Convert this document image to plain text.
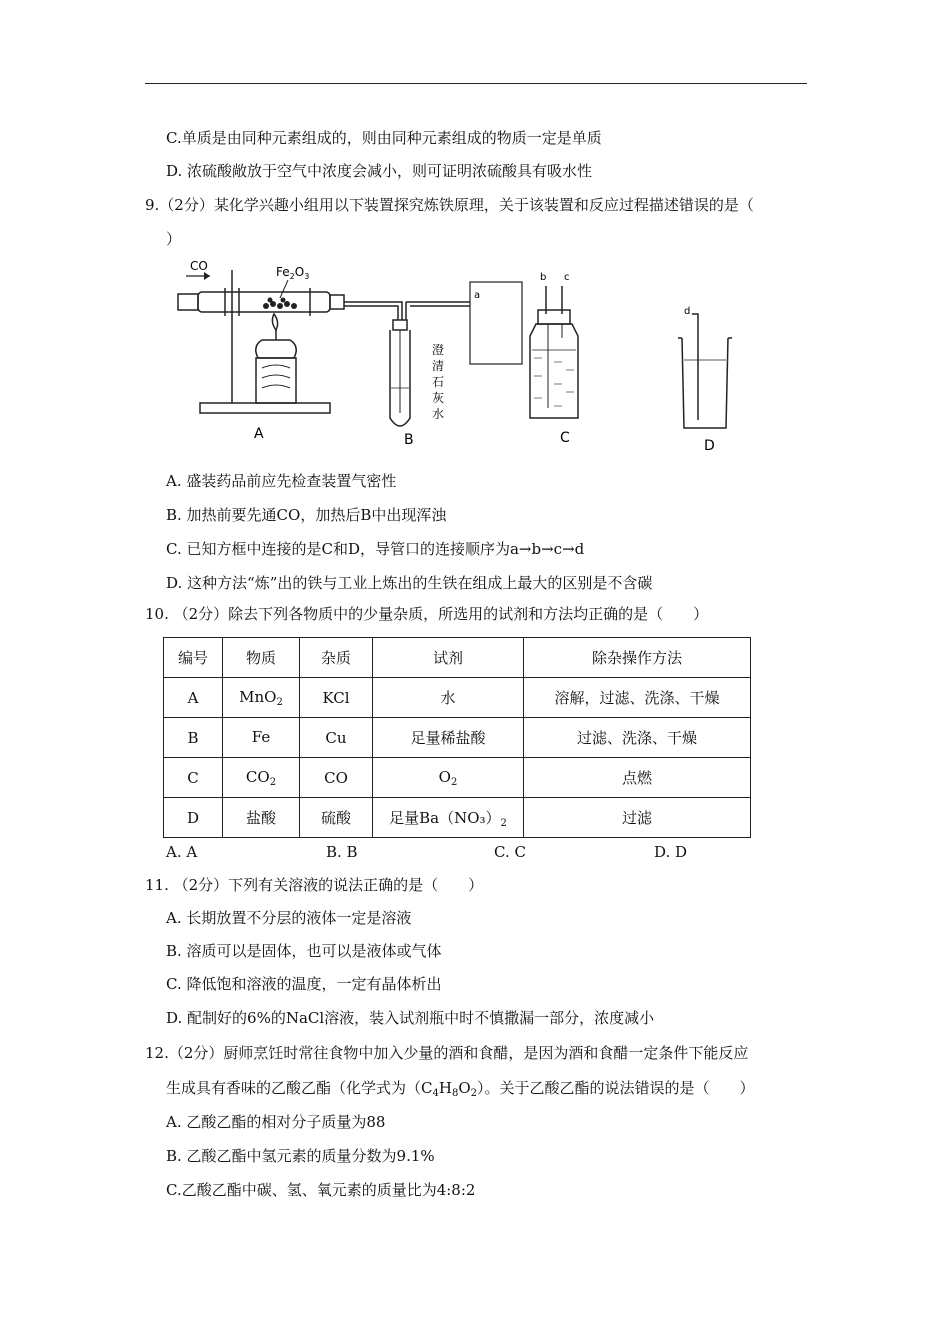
C.单质是由同种元素组成的，则由同种元素组成的物质一定是单质
D. 浓硫酸敞放于空气中浓度会减小，则可证明浓硫酸具有吸水性
9.（2分）某化学兴趣小组用以下装置探究炼铁原理，关于该装置和反应过程描述错误的是（
）
CO	$Fe_2O_3$
澄
清
石
灰
水
a
b c
d
A	B	C	D
A. 盛装药品前应先检查装置气密性
B. 加热前要先通CO，加热后B中出现浑浊
C. 已知方框中连接的是C和D，导管口的连接顺序为a→b→c→d
D. 这种方法“炼”出的铁与工业上炼出的生铁在组成上最大的区别是不含碳
10. （2分）除去下列各物质中的少量杂质，所选用的试剂和方法均正确的是（　　）
编号	物质	杂质	试剂	除杂操作方法
A	MnO$_2$	KCl	水	溶解，过滤、洗涤、干燥
B	Fe	Cu	足量稀盐酸	过滤、洗涤、干燥
C	$CO_2$	CO	$O_2$	点燃
D	盐酸	硫酸	足量$Ba(NO_3)_2$	过滤
A. A	B. B	C. C	D. D
11. （2分）下列有关溶液的说法正确的是（　　）
A. 长期放置不分层的液体一定是溶液
B. 溶质可以是固体，也可以是液体或气体
C. 降低饱和溶液的温度，一定有晶体析出
D. 配制好的6%的NaCl溶液，装入试剂瓶中时不慎撒漏一部分，浓度减小
12.（2分）厨师烹饪时常往食物中加入少量的酒和食醋，是因为酒和食醋一定条件下能反应
生成具有香味的乙酸乙酯（化学式为$(C_4H_8O_2)$。关于乙酸乙酯的说法错误的是（　　）
A. 乙酸乙酯的相对分子质量为88
B. 乙酸乙酯中氢元素的质量分数为9.1%
C.乙酸乙酯中碳、氢、氧元素的质量比为4:8:2
